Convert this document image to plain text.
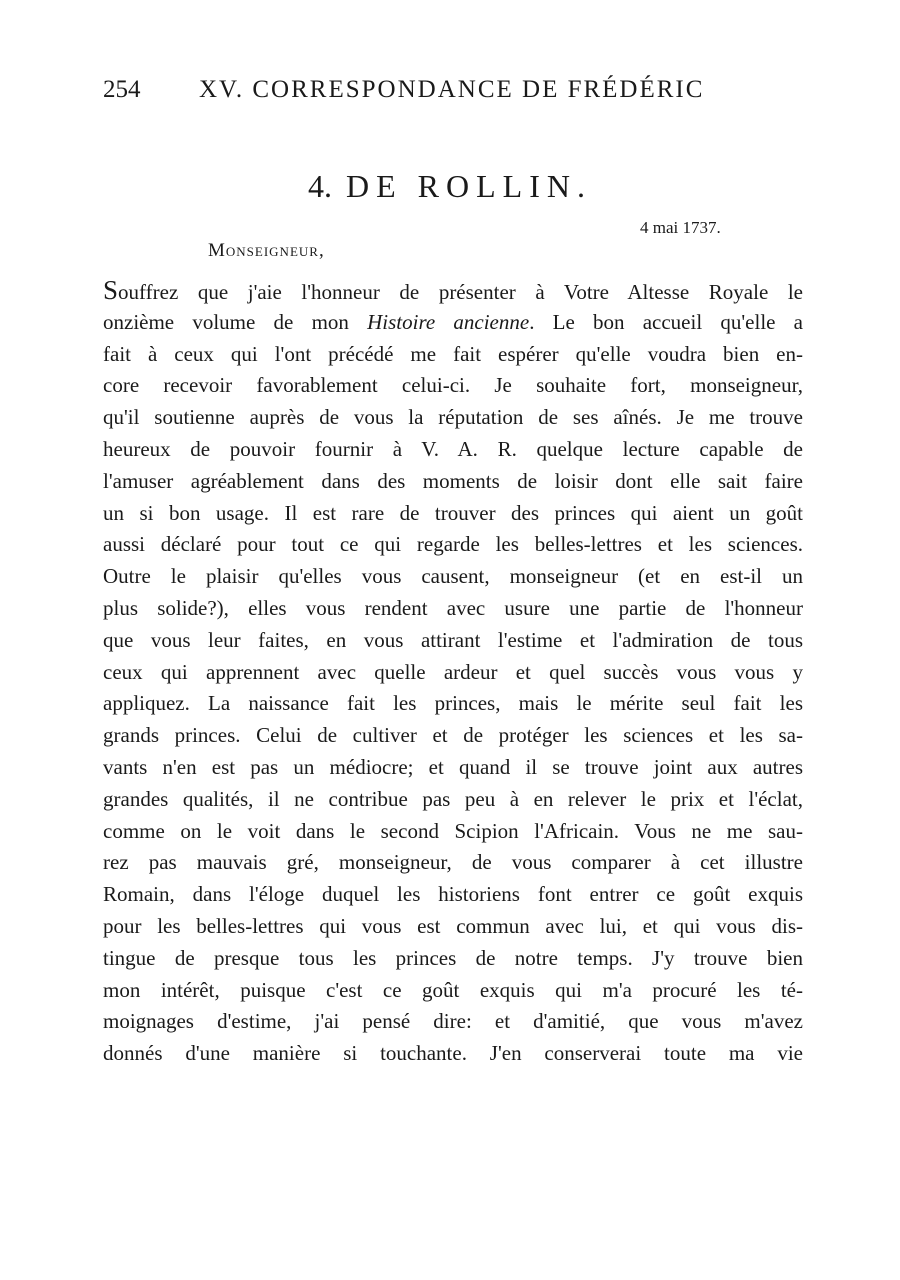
254 XV. CORRESPONDANCE DE FRÉDÉRIC
4. DE ROLLIN.
4 mai 1737.
Monseigneur,
Souffrez que j'aie l'honneur de présenter à Votre Altesse Royale le
onzième volume de mon Histoire ancienne. Le bon accueil qu'elle a
fait à ceux qui l'ont précédé me fait espérer qu'elle voudra bien en-
core recevoir favorablement celui-ci. Je souhaite fort, monseigneur,
qu'il soutienne auprès de vous la réputation de ses aînés. Je me trouve
heureux de pouvoir fournir à V. A. R. quelque lecture capable de
l'amuser agréablement dans des moments de loisir dont elle sait faire
un si bon usage. Il est rare de trouver des princes qui aient un goût
aussi déclaré pour tout ce qui regarde les belles-lettres et les sciences.
Outre le plaisir qu'elles vous causent, monseigneur (et en est-il un
plus solide?), elles vous rendent avec usure une partie de l'honneur
que vous leur faites, en vous attirant l'estime et l'admiration de tous
ceux qui apprennent avec quelle ardeur et quel succès vous vous y
appliquez. La naissance fait les princes, mais le mérite seul fait les
grands princes. Celui de cultiver et de protéger les sciences et les sa-
vants n'en est pas un médiocre; et quand il se trouve joint aux autres
grandes qualités, il ne contribue pas peu à en relever le prix et l'éclat,
comme on le voit dans le second Scipion l'Africain. Vous ne me sau-
rez pas mauvais gré, monseigneur, de vous comparer à cet illustre
Romain, dans l'éloge duquel les historiens font entrer ce goût exquis
pour les belles-lettres qui vous est commun avec lui, et qui vous dis-
tingue de presque tous les princes de notre temps. J'y trouve bien
mon intérêt, puisque c'est ce goût exquis qui m'a procuré les té-
moignages d'estime, j'ai pensé dire: et d'amitié, que vous m'avez
donnés d'une manière si touchante. J'en conserverai toute ma vie
